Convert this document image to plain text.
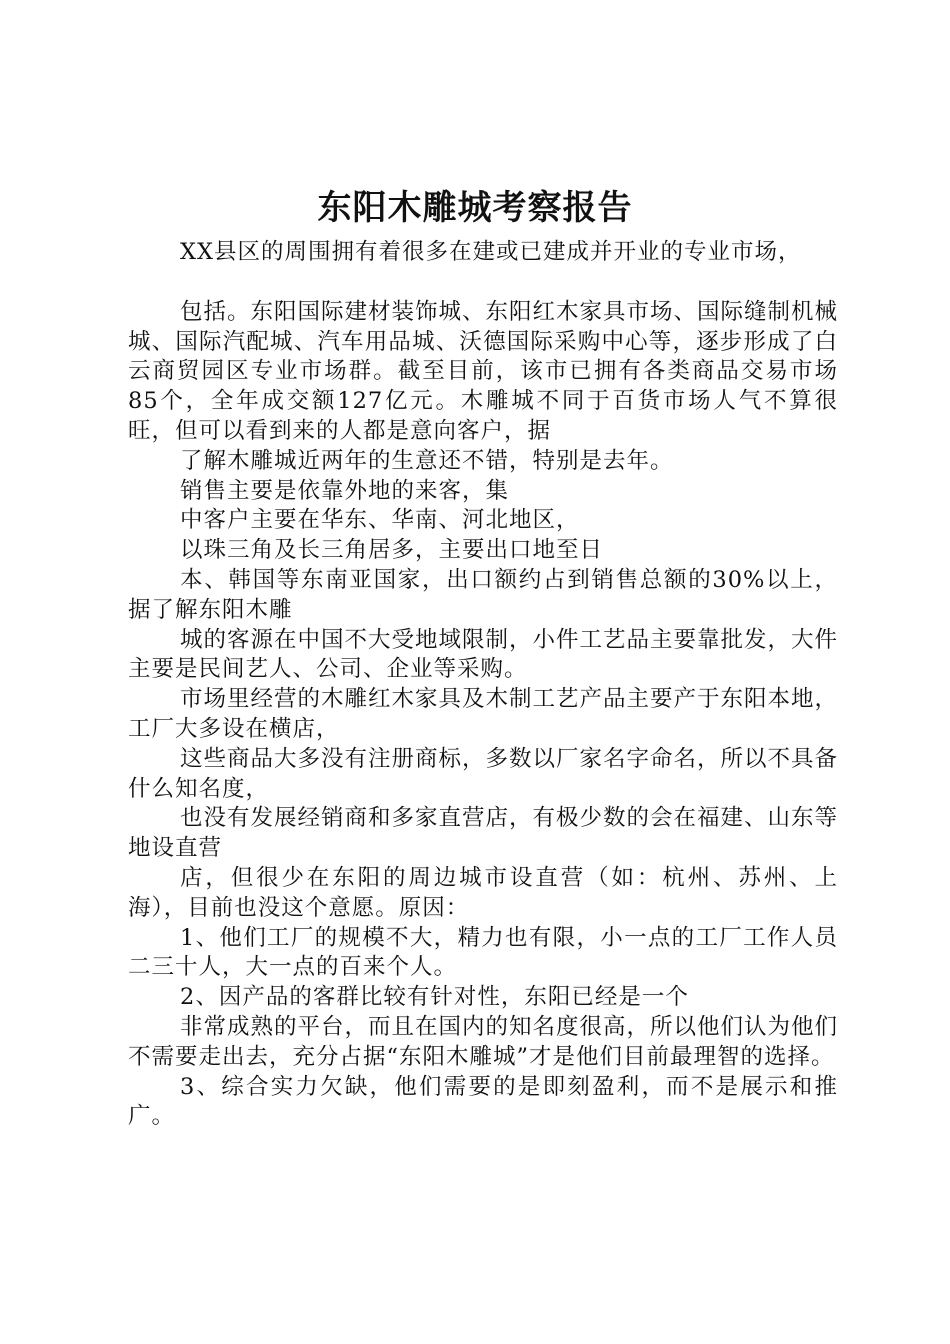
东阳木雕城考察报告

XX县区的周围拥有着很多在建或已建成并开业的专业市场，

包括。东阳国际建材装饰城、东阳红木家具市场、国际缝制机械城、国际汽配城、汽车用品城、沃德国际采购中心等，逐步形成了白云商贸园区专业市场群。截至目前，该市已拥有各类商品交易市场85个，全年成交额127亿元。木雕城不同于百货市场人气不算很旺，但可以看到来的人都是意向客户，据

了解木雕城近两年的生意还不错，特别是去年。

销售主要是依靠外地的来客，集

中客户主要在华东、华南、河北地区，

以珠三角及长三角居多，主要出口地至日

本、韩国等东南亚国家，出口额约占到销售总额的30%以上，据了解东阳木雕

城的客源在中国不大受地域限制，小件工艺品主要靠批发，大件主要是民间艺人、公司、企业等采购。

市场里经营的木雕红木家具及木制工艺产品主要产于东阳本地，工厂大多设在横店，

这些商品大多没有注册商标，多数以厂家名字命名，所以不具备什么知名度，

也没有发展经销商和多家直营店，有极少数的会在福建、山东等地设直营

店，但很少在东阳的周边城市设直营（如：杭州、苏州、上海），目前也没这个意愿。原因：

1、他们工厂的规模不大，精力也有限，小一点的工厂工作人员二三十人，大一点的百来个人。

2、因产品的客群比较有针对性，东阳已经是一个

非常成熟的平台，而且在国内的知名度很高，所以他们认为他们不需要走出去，充分占据“东阳木雕城”才是他们目前最理智的选择。

3、综合实力欠缺，他们需要的是即刻盈利，而不是展示和推广。
